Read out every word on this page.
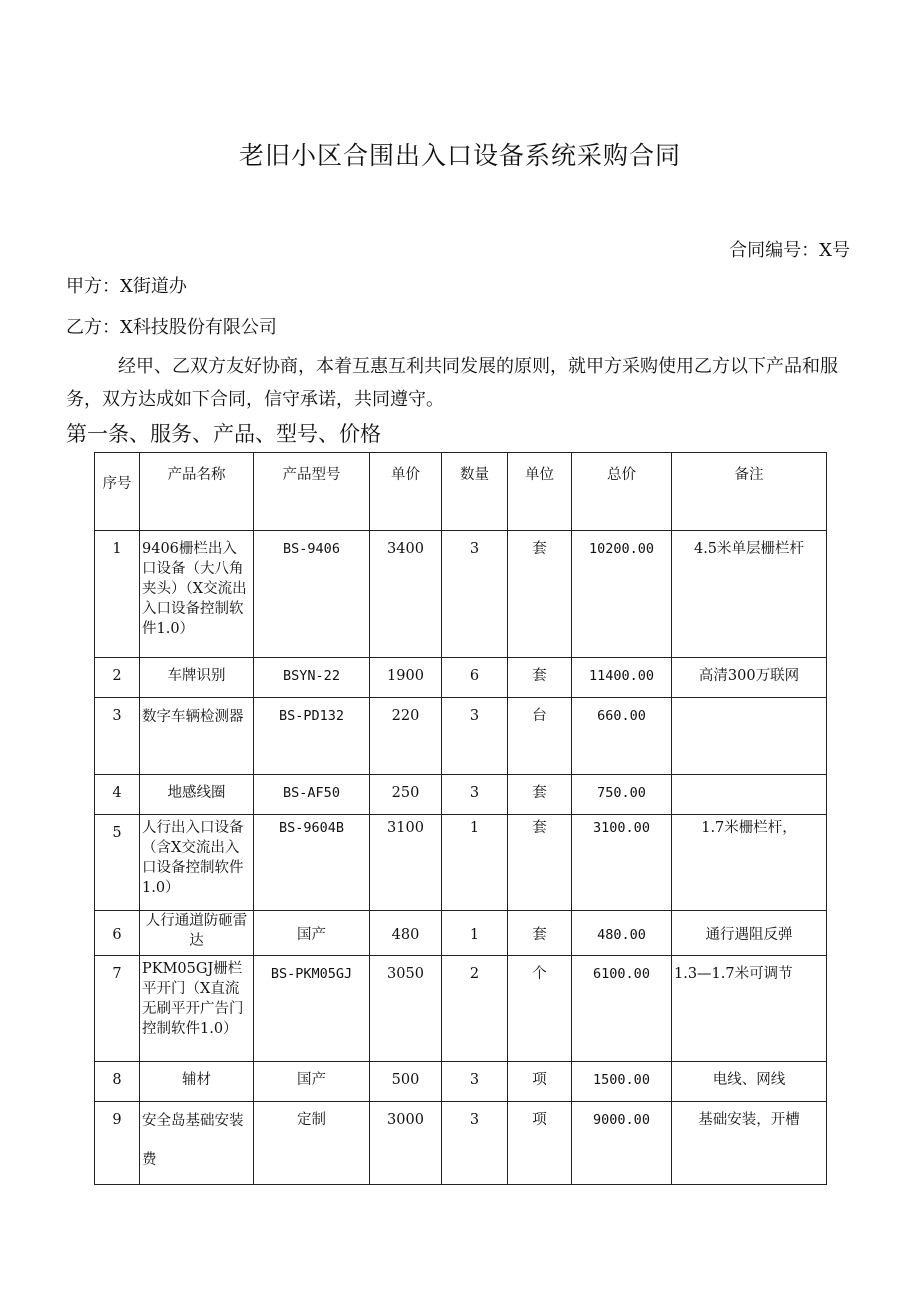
老旧小区合围出入口设备系统采购合同
合同编号：X号
甲方：X街道办
乙方：X科技股份有限公司

经甲、乙双方友好协商，本着互惠互利共同发展的原则，就甲方采购使用乙方以下产品和服务，双方达成如下合同，信守承诺，共同遵守。

第一条、服务、产品、型号、价格
序号	产品名称	产品型号	单价	数量	单位	总价	备注
1	9406栅栏出入口设备（大八角夹头）（X交流出入口设备控制软件1.0）	BS-9406	3400	3	套	10200.00	4.5米单层栅栏杆
2	车牌识别	BSYN-22	1900	6	套	11400.00	高清300万联网
3	数字车辆检测器	BS-PD132	220	3	台	660.00	
4	地感线圈	BS-AF50	250	3	套	750.00	
5	人行出入口设备（含X交流出入口设备控制软件1.0）	BS-9604B	3100	1	套	3100.00	1.7米栅栏杆，
6	人行通道防砸雷达	国产	480	1	套	480.00	通行遇阻反弹
7	PKM05GJ栅栏平开门（X直流无刷平开广告门控制软件1.0）	BS-PKM05GJ	3050	2	个	6100.00	1.3—1.7米可调节
8	辅材	国产	500	3	项	1500.00	电线、网线
9	安全岛基础安装费	定制	3000	3	项	9000.00	基础安装，开槽
